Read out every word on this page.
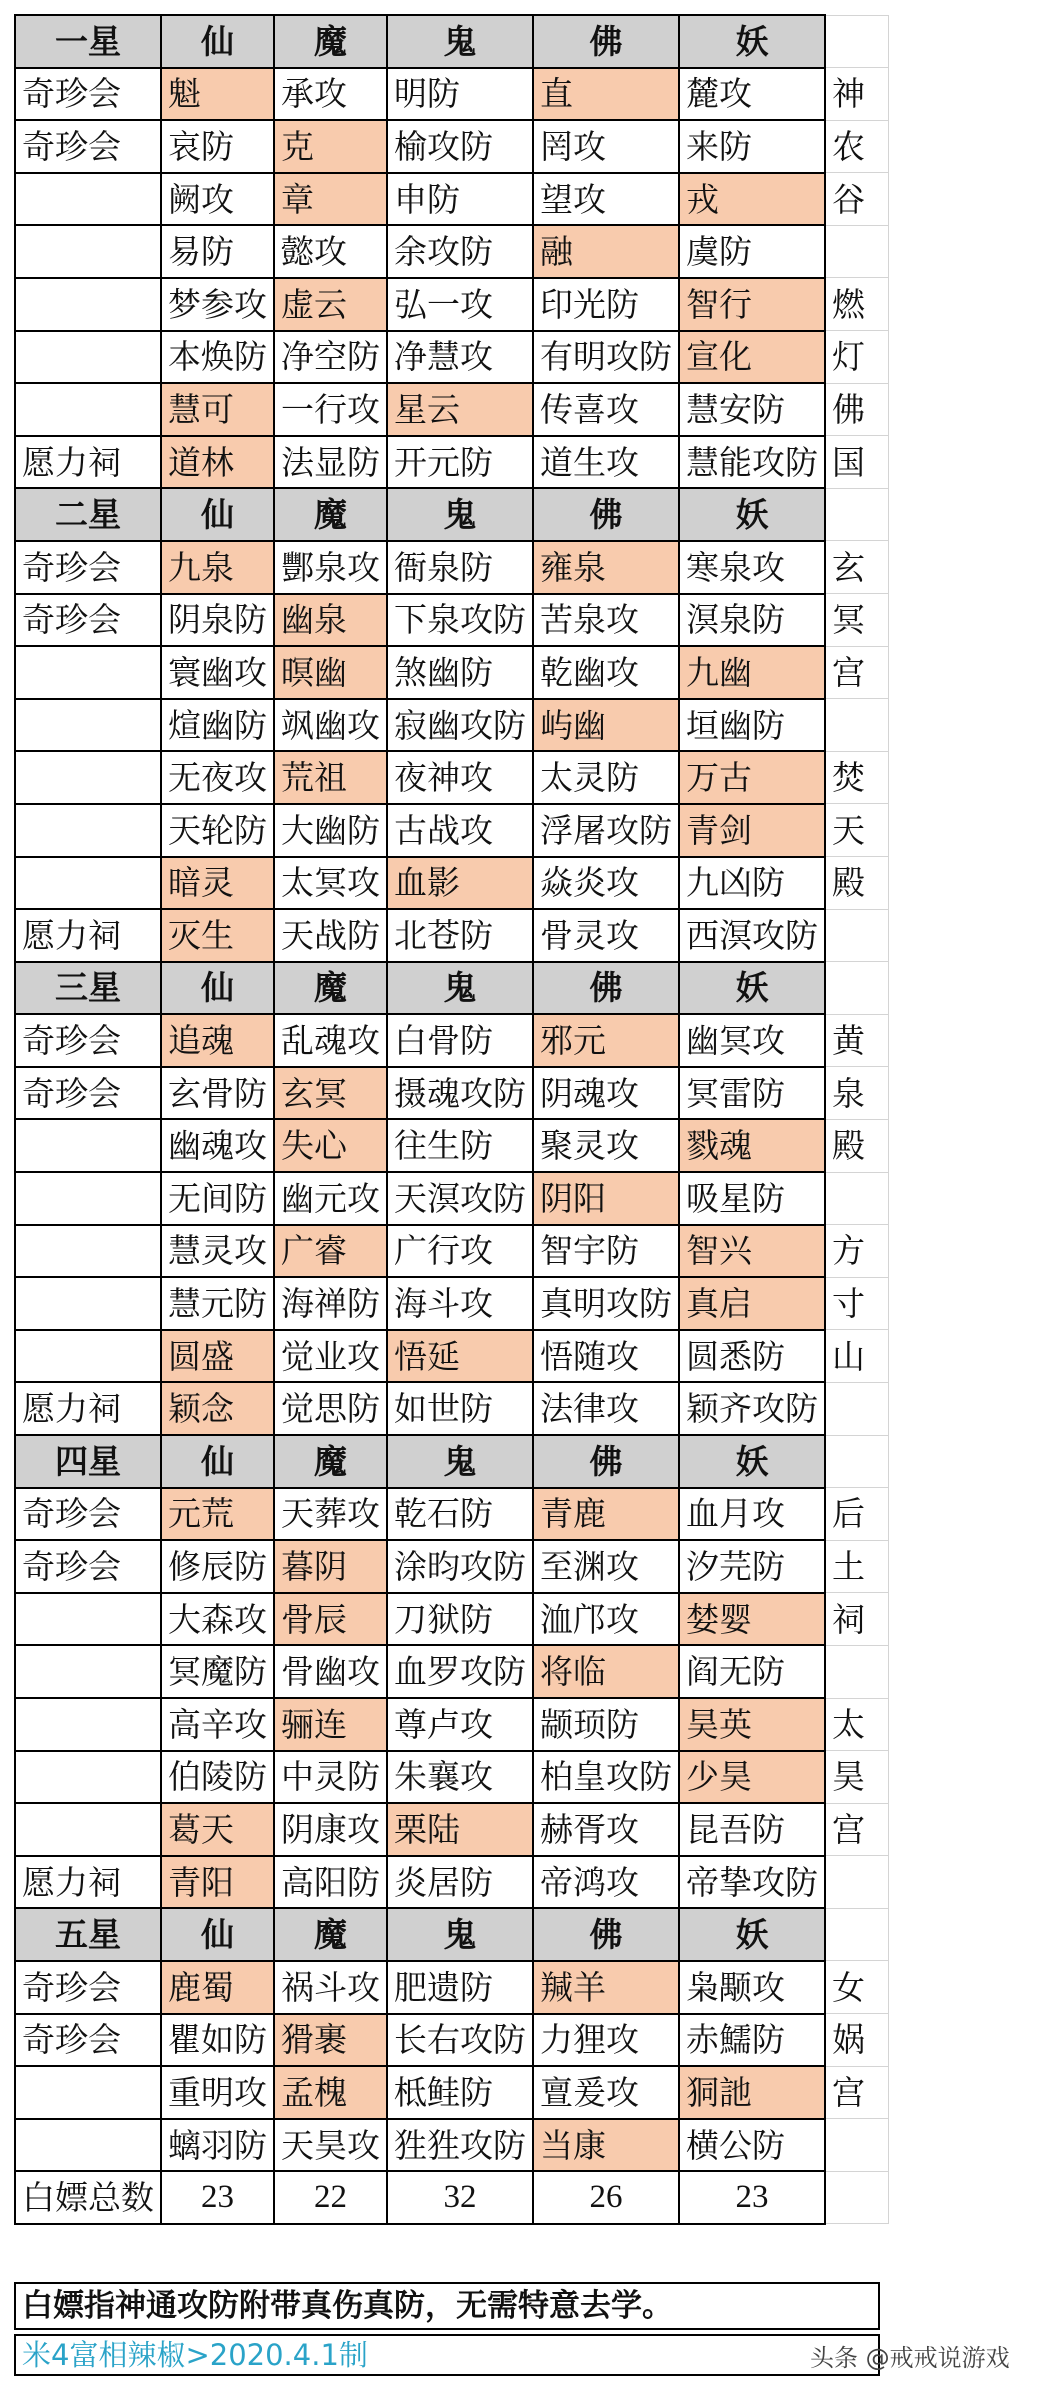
一星	仙	魔	鬼	佛	妖	
奇珍会	魁	承攻	明防	直	麓攻	神
奇珍会	哀防	克	榆攻防	罔攻	来防	农
	阙攻	章	申防	望攻	戎	谷
	易防	懿攻	余攻防	融	虞防	
	梦参攻	虚云	弘一攻	印光防	智行	燃
	本焕防	净空防	净慧攻	有明攻防	宣化	灯
	慧可	一行攻	星云	传喜攻	慧安防	佛
愿力祠	道林	法显防	开元防	道生攻	慧能攻防	国
二星	仙	魔	鬼	佛	妖	
奇珍会	九泉	酆泉攻	衙泉防	雍泉	寒泉攻	玄
奇珍会	阴泉防	幽泉	下泉攻防	苦泉攻	溟泉防	冥
	寰幽攻	暝幽	煞幽防	乾幽攻	九幽	宫
	煊幽防	飒幽攻	寂幽攻防	屿幽	垣幽防	
	无夜攻	荒祖	夜神攻	太灵防	万古	焚
	天轮防	大幽防	古战攻	浮屠攻防	青剑	天
	暗灵	太冥攻	血影	焱炎攻	九凶防	殿
愿力祠	灭生	天战防	北苍防	骨灵攻	西溟攻防	
三星	仙	魔	鬼	佛	妖	
奇珍会	追魂	乱魂攻	白骨防	邪元	幽冥攻	黄
奇珍会	玄骨防	玄冥	摄魂攻防	阴魂攻	冥雷防	泉
	幽魂攻	失心	往生防	聚灵攻	戮魂	殿
	无间防	幽元攻	天溟攻防	阴阳	吸星防	
	慧灵攻	广睿	广行攻	智宇防	智兴	方
	慧元防	海禅防	海斗攻	真明攻防	真启	寸
	圆盛	觉业攻	悟延	悟随攻	圆悉防	山
愿力祠	颖念	觉思防	如世防	法律攻	颖齐攻防	
四星	仙	魔	鬼	佛	妖	
奇珍会	元荒	天葬攻	乾石防	青鹿	血月攻	后
奇珍会	修辰防	暮阴	涂昀攻防	至渊攻	汐芫防	土
	大森攻	骨辰	刀狱防	洫邝攻	婪婴	祠
	冥魔防	骨幽攻	血罗攻防	将临	阎无防	
	高辛攻	骊连	尊卢攻	颛顼防	昊英	太
	伯陵防	中灵防	朱襄攻	柏皇攻防	少昊	昊
	葛天	阴康攻	栗陆	赫胥攻	昆吾防	宫
愿力祠	青阳	高阳防	炎居防	帝鸿攻	帝挚攻防	
五星	仙	魔	鬼	佛	妖	
奇珍会	鹿蜀	祸斗攻	肥遗防	羬羊	枭颙攻	女
奇珍会	瞿如防	猾裹	长右攻防	力狸攻	赤鱬防	娲
	重明攻	孟槐	柢鲑防	亶爰攻	狪訑	宫
	螭羽防	天昊攻	狌狌攻防	当康	横公防	
白嫖总数	23	22	32	26	23	
白嫖指神通攻防附带真伤真防，无需特意去学。
米4富相辣椒>2020.4.1制	头条 @戒戒说游戏
